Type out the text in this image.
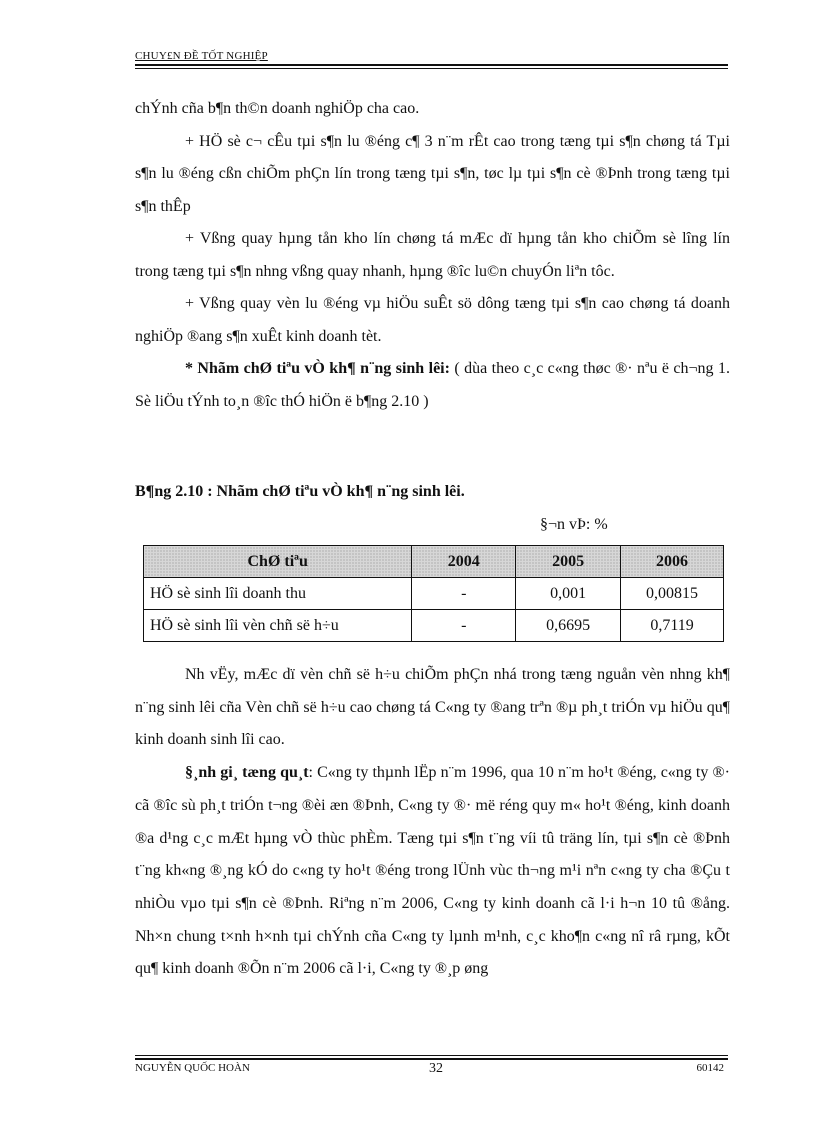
CHUY£N ĐỀ TỐT NGHIỆP

chÝnh cña b¶n th©n doanh nghiÖp cha cao.

+ HÖ sè c¬ cÊu tµi s¶n lu ®éng c¶ 3 n¨m rÊt cao trong tæng tµi s¶n chøng tá Tµi s¶n lu ®éng cßn chiÕm phÇn lín trong tæng tµi s¶n, tøc lµ tµi s¶n cè ®Þnh trong tæng tµi s¶n thÊp

+ Vßng quay hµng tån kho lín chøng tá mÆc dï hµng tån kho chiÕm sè lîng lín trong tæng tµi s¶n nhng vßng quay nhanh, hµng ®îc lu©n chuyÓn liªn tôc.

+ Vßng quay vèn lu ®éng vµ hiÖu suÊt sö dông tæng tµi s¶n cao chøng tá doanh nghiÖp ®ang s¶n xuÊt kinh doanh tèt.

* Nhãm chØ tiªu vÒ kh¶ n¨ng sinh lêi: ( dùa theo c¸c c«ng thøc ®· nªu ë ch¬ng 1. Sè liÖu tÝnh to¸n ®îc thÓ hiÖn ë b¶ng 2.10 )

B¶ng 2.10 : Nhãm chØ tiªu vÒ kh¶ n¨ng sinh lêi.
§¬n vÞ: %
ChØ tiªu	2004	2005	2006
HÖ sè sinh lîi doanh thu	-	0,001	0,00815
HÖ sè sinh lîi vèn chñ së h÷u	-	0,6695	0,7119

Nh vËy, mÆc dï vèn chñ së h÷u chiÕm phÇn nhá trong tæng nguån vèn nhng kh¶ n¨ng sinh lêi cña Vèn chñ së h÷u cao chøng tá C«ng ty ®ang trªn ®µ ph¸t triÓn vµ hiÖu qu¶ kinh doanh sinh lîi cao.

§¸nh gi¸ tæng qu¸t: C«ng ty thµnh lËp n¨m 1996, qua 10 n¨m ho¹t ®éng, c«ng ty ®· cã ®îc sù ph¸t triÓn t¬ng ®èi æn ®Þnh, C«ng ty ®· më réng quy m« ho¹t ®éng, kinh doanh ®a d¹ng c¸c mÆt hµng vÒ thùc phÈm. Tæng tµi s¶n t¨ng víi tû träng lín, tµi s¶n cè ®Þnh t¨ng kh«ng ®¸ng kÓ do c«ng ty ho¹t ®éng trong lÜnh vùc th¬ng m¹i nªn c«ng ty cha ®Çu t nhiÒu vµo tµi s¶n cè ®Þnh. Riªng n¨m 2006, C«ng ty kinh doanh cã l·i h¬n 10 tû ®ång. Nh×n chung t×nh h×nh tµi chÝnh cña C«ng ty lµnh m¹nh, c¸c kho¶n c«ng nî râ rµng, kÕt qu¶ kinh doanh ®Õn n¨m 2006 cã l·i, C«ng ty ®¸p øng

NGUYỄN QUỐC HOÀN	32	60142
